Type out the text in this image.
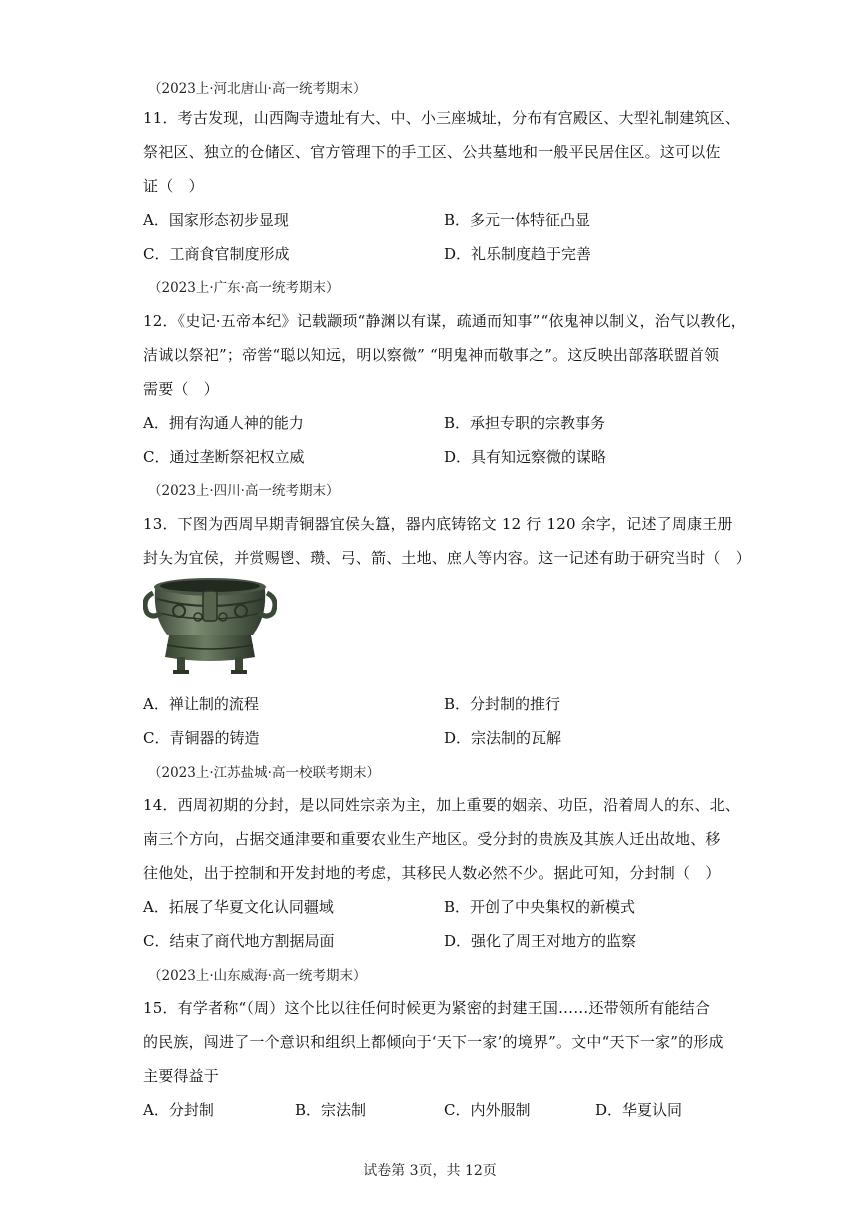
（2023上·河北唐山·高一统考期末）
11．考古发现，山西陶寺遗址有大、中、小三座城址，分布有宫殿区、大型礼制建筑区、
祭祀区、独立的仓储区、官方管理下的手工区、公共墓地和一般平民居住区。这可以佐
证（　）
A．国家形态初步显现	B．多元一体特征凸显
C．工商食官制度形成	D．礼乐制度趋于完善
（2023上·广东·高一统考期末）
12．《史记·五帝本纪》记载颛顼“静渊以有谋，疏通而知事”“依鬼神以制义，治气以教化，
洁诚以祭祀”；帝喾“聪以知远，明以察微” “明鬼神而敬事之”。这反映出部落联盟首领
需要（　）
A．拥有沟通人神的能力	B．承担专职的宗教事务
C．通过垄断祭祀权立威	D．具有知远察微的谋略
（2023上·四川·高一统考期末）
13．下图为西周早期青铜器宜侯夨簋，器内底铸铭文 12 行 120 余字，记述了周康王册
封夨为宜侯，并赏赐鬯、瓒、弓、箭、土地、庶人等内容。这一记述有助于研究当时（　）
A．禅让制的流程	B．分封制的推行
C．青铜器的铸造	D．宗法制的瓦解
（2023上·江苏盐城·高一校联考期末）
14．西周初期的分封，是以同姓宗亲为主，加上重要的姻亲、功臣，沿着周人的东、北、
南三个方向，占据交通津要和重要农业生产地区。受分封的贵族及其族人迁出故地、移
往他处，出于控制和开发封地的考虑，其移民人数必然不少。据此可知，分封制（　）
A．拓展了华夏文化认同疆域	B．开创了中央集权的新模式
C．结束了商代地方割据局面	D．强化了周王对地方的监察
（2023上·山东威海·高一统考期末）
15．有学者称“（周）这个比以往任何时候更为紧密的封建王国……还带领所有能结合
的民族，闯进了一个意识和组织上都倾向于‘天下一家’的境界”。文中“天下一家”的形成
主要得益于
A．分封制	B．宗法制	C．内外服制	D．华夏认同
试卷第 3页，共 12页
